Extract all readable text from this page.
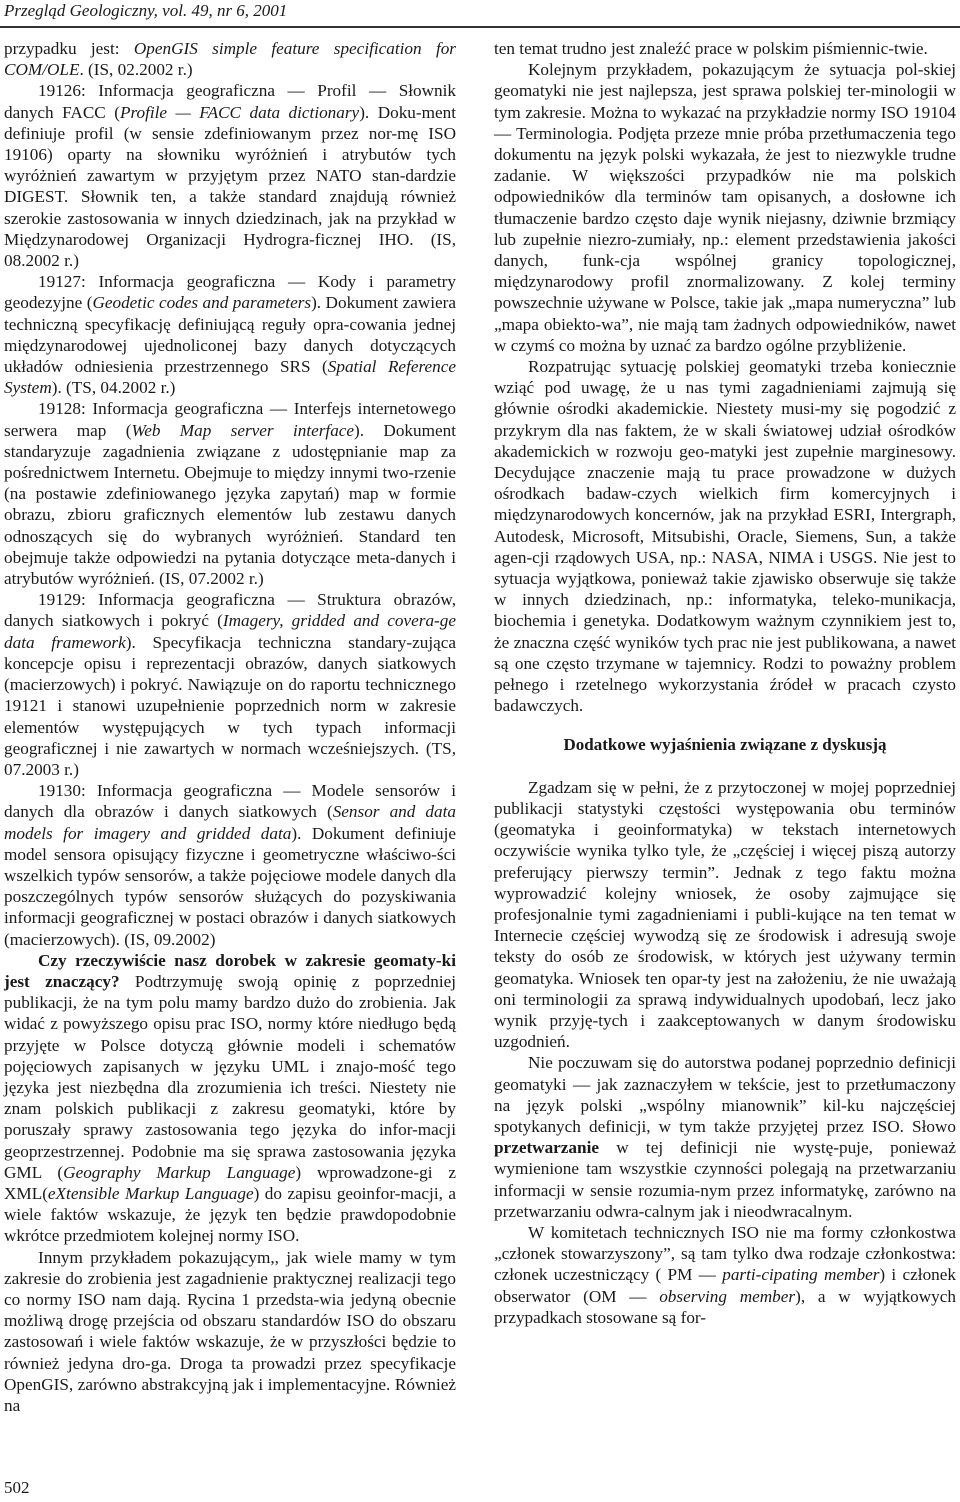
Przegląd Geologiczny, vol. 49, nr 6, 2001

przypadku jest: OpenGIS simple feature specification for COM/OLE. (IS, 02.2002 r.)

19126: Informacja geograficzna — Profil — Słownik danych FACC (Profile — FACC data dictionary). Doku-ment definiuje profil (w sensie zdefiniowanym przez nor-mę ISO 19106) oparty na słowniku wyróżnień i atrybutów tych wyróżnień zawartym w przyjętym przez NATO stan-dardzie DIGEST. Słownik ten, a także standard znajdują również szerokie zastosowania w innych dziedzinach, jak na przykład w Międzynarodowej Organizacji Hydrogra-ficznej IHO. (IS, 08.2002 r.)

19127: Informacja geograficzna — Kody i parametry geodezyjne (Geodetic codes and parameters). Dokument zawiera techniczną specyfikację definiującą reguły opra-cowania jednej międzynarodowej ujednoliconej bazy danych dotyczących układów odniesienia przestrzennego SRS (Spatial Reference System). (TS, 04.2002 r.)

19128: Informacja geograficzna — Interfejs internetowego serwera map (Web Map server interface). Dokument standaryzuje zagadnienia związane z udostępnianie map za pośrednictwem Internetu. Obejmuje to między innymi two-rzenie (na postawie zdefiniowanego języka zapytań) map w formie obrazu, zbioru graficznych elementów lub zestawu danych odnoszących się do wybranych wyróżnień. Standard ten obejmuje także odpowiedzi na pytania dotyczące meta-danych i atrybutów wyróżnień. (IS, 07.2002 r.)

19129: Informacja geograficzna — Struktura obrazów, danych siatkowych i pokryć (Imagery, gridded and covera-ge data framework). Specyfikacja techniczna standary-zująca koncepcje opisu i reprezentacji obrazów, danych siatkowych (macierzowych) i pokryć. Nawiązuje on do raportu technicznego 19121 i stanowi uzupełnienie poprzednich norm w zakresie elementów występujących w tych typach informacji geograficznej i nie zawartych w normach wcześniejszych. (TS, 07.2003 r.)

19130: Informacja geograficzna — Modele sensorów i danych dla obrazów i danych siatkowych (Sensor and data models for imagery and gridded data). Dokument definiuje model sensora opisujący fizyczne i geometryczne właściwo-ści wszelkich typów sensorów, a także pojęciowe modele danych dla poszczególnych typów sensorów służących do pozyskiwania informacji geograficznej w postaci obrazów i danych siatkowych (macierzowych). (IS, 09.2002)

Czy rzeczywiście nasz dorobek w zakresie geomaty-ki jest znaczący? Podtrzymuję swoją opinię z poprzedniej publikacji, że na tym polu mamy bardzo dużo do zrobienia. Jak widać z powyższego opisu prac ISO, normy które niedługo będą przyjęte w Polsce dotyczą głównie modeli i schematów pojęciowych zapisanych w języku UML i znajo-mość tego języka jest niezbędna dla zrozumienia ich treści. Niestety nie znam polskich publikacji z zakresu geomatyki, które by poruszały sprawy zastosowania tego języka do infor-macji geoprzestrzennej. Podobnie ma się sprawa zastosowania języka GML (Geography Markup Language) wprowadzone-gi z XML(eXtensible Markup Language) do zapisu geoinfor-macji, a wiele faktów wskazuje, że język ten będzie prawdopodobnie wkrótce przedmiotem kolejnej normy ISO.

Innym przykładem pokazującym,, jak wiele mamy w tym zakresie do zrobienia jest zagadnienie praktycznej realizacji tego co normy ISO nam dają. Rycina 1 przedsta-wia jedyną obecnie możliwą drogę przejścia od obszaru standardów ISO do obszaru zastosowań i wiele faktów wskazuje, że w przyszłości będzie to również jedyna dro-ga. Droga ta prowadzi przez specyfikacje OpenGIS, zarówno abstrakcyjną jak i implementacyjne. Również na

ten temat trudno jest znaleźć prace w polskim piśmiennic-twie.

Kolejnym przykładem, pokazującym że sytuacja pol-skiej geomatyki nie jest najlepsza, jest sprawa polskiej ter-minologii w tym zakresie. Można to wykazać na przykładzie normy ISO 19104 — Terminologia. Podjęta przeze mnie próba przetłumaczenia tego dokumentu na język polski wykazała, że jest to niezwykle trudne zadanie. W większości przypadków nie ma polskich odpowiedników dla terminów tam opisanych, a dosłowne ich tłumaczenie bardzo często daje wynik niejasny, dziwnie brzmiący lub zupełnie niezro-zumiały, np.: element przedstawienia jakości danych, funk-cja wspólnej granicy topologicznej, międzynarodowy profil znormalizowany. Z kolej terminy powszechnie używane w Polsce, takie jak „mapa numeryczna” lub „mapa obiekto-wa”, nie mają tam żadnych odpowiedników, nawet w czymś co można by uznać za bardzo ogólne przybliżenie.

Rozpatrując sytuację polskiej geomatyki trzeba koniecznie wziąć pod uwagę, że u nas tymi zagadnieniami zajmują się głównie ośrodki akademickie. Niestety musi-my się pogodzić z przykrym dla nas faktem, że w skali światowej udział ośrodków akademickich w rozwoju geo-matyki jest zupełnie marginesowy. Decydujące znaczenie mają tu prace prowadzone w dużych ośrodkach badaw-czych wielkich firm komercyjnych i międzynarodowych koncernów, jak na przykład ESRI, Intergraph, Autodesk, Microsoft, Mitsubishi, Oracle, Siemens, Sun, a także agen-cji rządowych USA, np.: NASA, NIMA i USGS. Nie jest to sytuacja wyjątkowa, ponieważ takie zjawisko obserwuje się także w innych dziedzinach, np.: informatyka, teleko-munikacja, biochemia i genetyka. Dodatkowym ważnym czynnikiem jest to, że znaczna część wyników tych prac nie jest publikowana, a nawet są one często trzymane w tajemnicy. Rodzi to poważny problem pełnego i rzetelnego wykorzystania źródeł w pracach czysto badawczych.

Dodatkowe wyjaśnienia związane z dyskusją

Zgadzam się w pełni, że z przytoczonej w mojej poprzedniej publikacji statystyki częstości występowania obu terminów (geomatyka i geoinformatyka) w tekstach internetowych oczywiście wynika tylko tyle, że „częściej i więcej piszą autorzy preferujący pierwszy termin”. Jednak z tego faktu można wyprowadzić kolejny wniosek, że osoby zajmujące się profesjonalnie tymi zagadnieniami i publi-kujące na ten temat w Internecie częściej wywodzą się ze środowisk i adresują swoje teksty do osób ze środowisk, w których jest używany termin geomatyka. Wniosek ten opar-ty jest na założeniu, że nie uważają oni terminologii za sprawą indywidualnych upodobań, lecz jako wynik przyję-tych i zaakceptowanych w danym środowisku uzgodnień.

Nie poczuwam się do autorstwa podanej poprzednio definicji geomatyki — jak zaznaczyłem w tekście, jest to przetłumaczony na język polski „wspólny mianownik” kil-ku najczęściej spotykanych definicji, w tym także przyjętej przez ISO. Słowo przetwarzanie w tej definicji nie wystę-puje, ponieważ wymienione tam wszystkie czynności polegają na przetwarzaniu informacji w sensie rozumia-nym przez informatykę, zarówno na przetwarzaniu odwra-calnym jak i nieodwracalnym.

W komitetach technicznych ISO nie ma formy członkostwa „członek stowarzyszony”, są tam tylko dwa rodzaje członkostwa: członek uczestniczący ( PM — parti-cipating member) i członek obserwator (OM — observing member), a w wyjątkowych przypadkach stosowane są for-

502
